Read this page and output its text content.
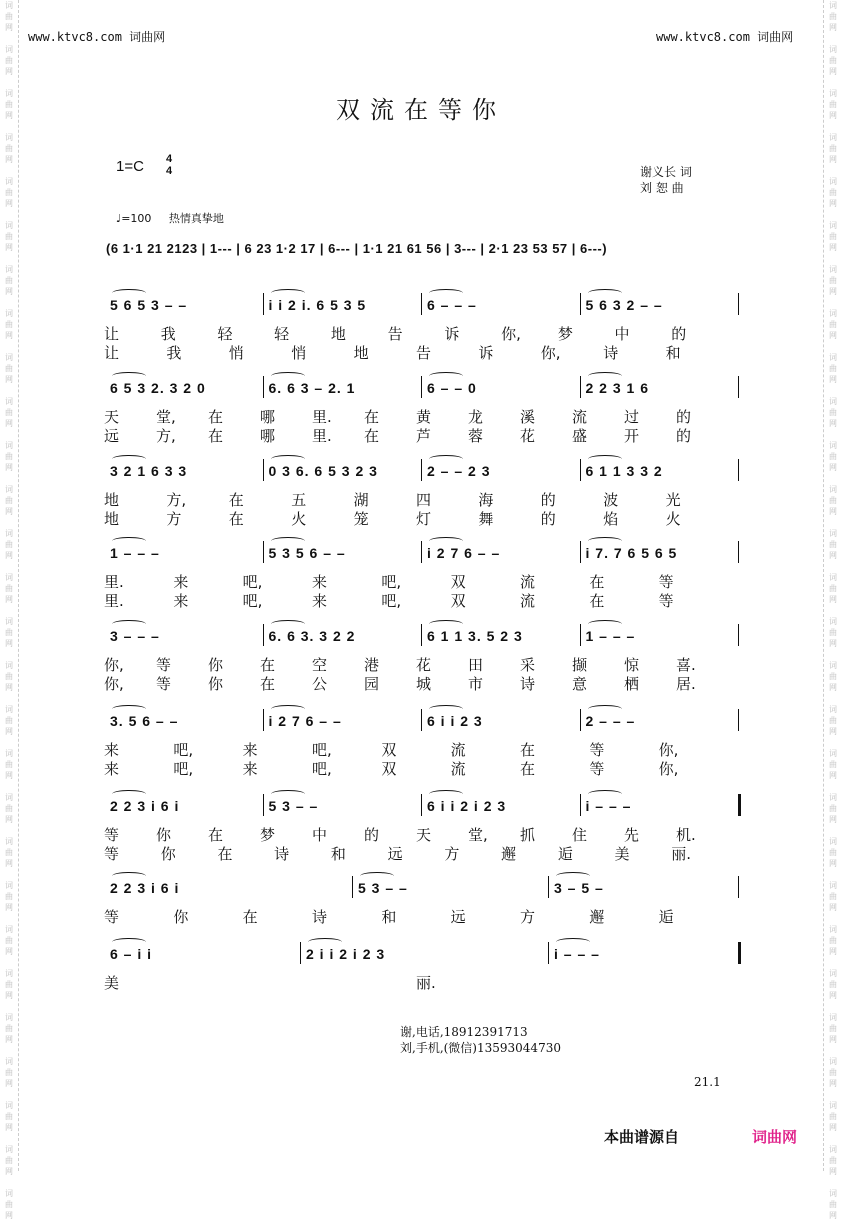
词
曲
网

词
曲
网

词
曲
网

词
曲
网

词
曲
网

词
曲
网

词
曲
网

词
曲
网

词
曲
网

词
曲
网

词
曲
网

词
曲
网

词
曲
网

词
曲
网

词
曲
网

词
曲
网

词
曲
网

词
曲
网

词
曲
网

词
曲
网

词
曲
网

词
曲
网

词
曲
网

词
曲
网

词
曲
网

词
曲
网

词
曲
网

词
曲
网

词
曲
网

词
曲
网

词
曲
网

词
曲
网

词
曲
网

词
曲
网

词
曲
网

词
曲
网

词
曲
网

词
曲
网

词
曲
网

词
曲
网

词
曲
网

词
曲
网

词
曲
网

词
曲
网

词
曲
网

词
曲
网

词
曲
网

词
曲
网

词
曲
网

词
曲
网

词
曲
网

词
曲
网

词
曲
网

词
曲
网

词
曲
网

词
曲
网

www.ktvc8.com 词曲网	www.ktvc8.com 词曲网
双流在等你
1=C 4
4	谢义长 词
刘 恕 曲
♩=100 热情真挚地
(6 1·1 21 2123 | 1--- | 6 23 1·2 17 | 6--- | 1·1 21 61 56 | 3--- | 2·1 23 53 57 | 6---)
5 6 5 3 – –	i i 2 i. 6 5 3 5	6 – – –	5 6 3 2 – –
让	我	轻	轻	地	告	诉	你, 梦	中	的
让	我	悄	悄	地	告	诉	你,	诗	和
6 5 3 2. 3 2 0	6. 6 3 – 2. 1	6 – – 0	2 2 3 1 6
天 堂, 在 哪 里. 在 黄 龙 溪 流 过 的
远 方, 在 哪 里. 在 芦 蓉 花 盛 开 的
3 2 1 6 3 3	0 3 6. 6 5 3 2 3	2 – – 2 3	6 1 1 3 3 2
地	方,	在	五	湖	四	海	的	波	光
地	方	在	火	笼	灯	舞	的	焰	火
1 – – –	5 3 5 6 – –	i 2 7 6 – –	i 7. 7 6 5 6 5
里.	来	吧,	来	吧,	双	流	在	等
里.	来	吧,	来	吧,	双	流	在	等
3 – – –	6. 6 3. 3 2 2	6 1 1 3. 5 2 3	1 – – –
你, 等 你 在 空 港 花 田 采 撷 惊 喜.
你, 等 你 在 公 园 城 市 诗 意 栖 居.
3. 5 6 – –	i 2 7 6 – –	6 i i 2 3	2 – – –
来	吧,	来	吧,	双	流	在	等	你,
来	吧,	来	吧,	双	流	在	等	你,
2 2 3 i 6 i	5 3 – –	6 i i 2 i 2 3	i – – –
等 你 在 梦 中 的 天 堂, 抓 住 先 机.
等	你	在	诗	和	远	方	邂	逅	美	丽.
2 2 3 i 6 i	5 3 – –	3 – 5 –
等	你	在	诗	和	远	方	邂	逅
6 – i i	2 i i 2 i 2 3	i – – –
美	丽.
谢,电话,18912391713
刘,手机,(微信)13593044730
21.1
本曲谱源自	词曲网
